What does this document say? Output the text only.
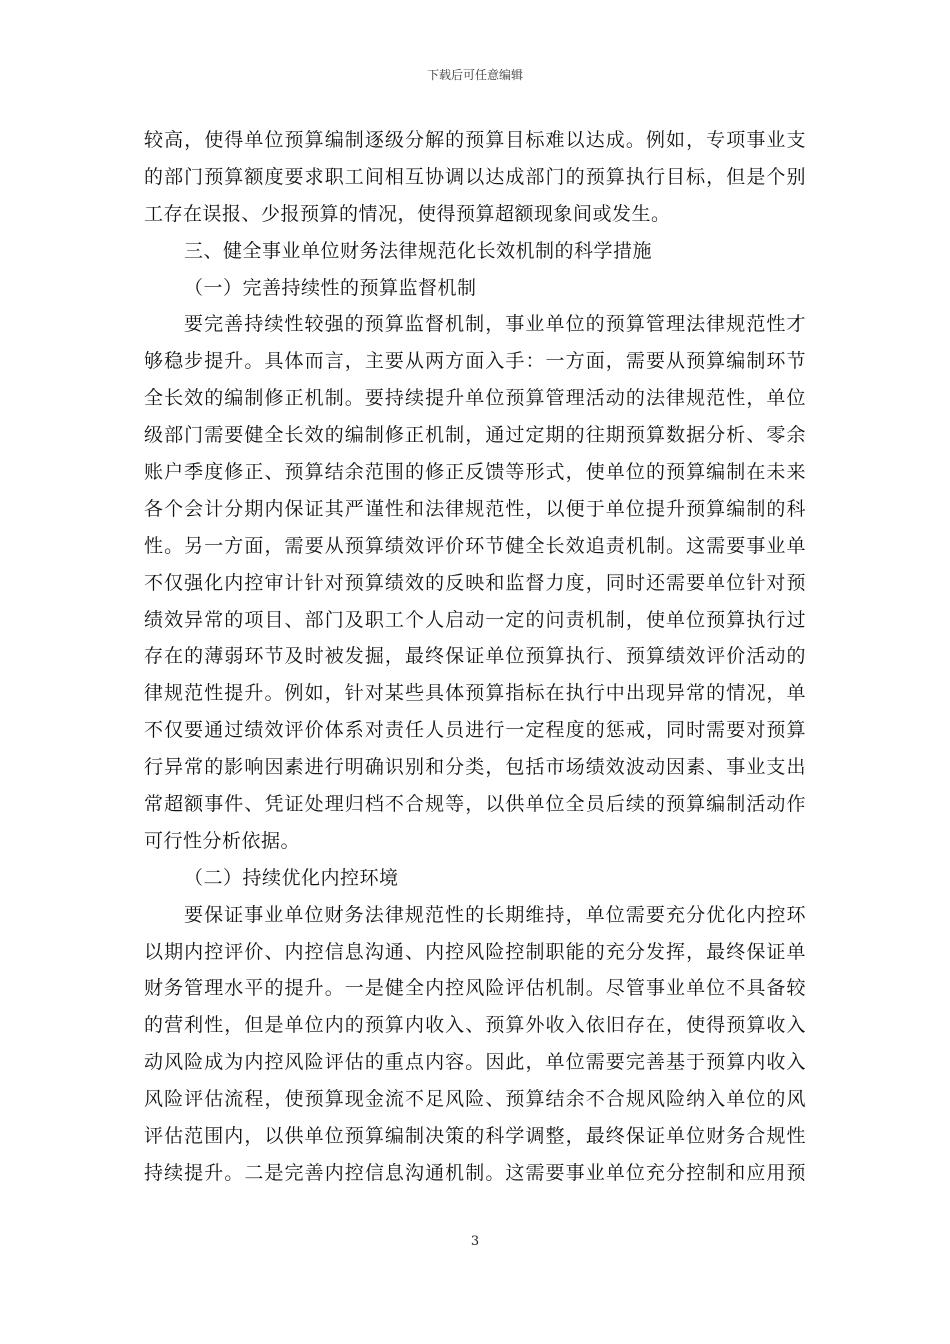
下载后可任意编辑
较高，使得单位预算编制逐级分解的预算目标难以达成。例如，专项事业支
的部门预算额度要求职工间相互协调以达成部门的预算执行目标，但是个别
工存在误报、少报预算的情况，使得预算超额现象间或发生。
三、健全事业单位财务法律规范化长效机制的科学措施
（一）完善持续性的预算监督机制
要完善持续性较强的预算监督机制，事业单位的预算管理法律规范性才
够稳步提升。具体而言，主要从两方面入手：一方面，需要从预算编制环节
全长效的编制修正机制。要持续提升单位预算管理活动的法律规范性，单位
级部门需要健全长效的编制修正机制，通过定期的往期预算数据分析、零余
账户季度修正、预算结余范围的修正反馈等形式，使单位的预算编制在未来
各个会计分期内保证其严谨性和法律规范性，以便于单位提升预算编制的科
性。另一方面，需要从预算绩效评价环节健全长效追责机制。这需要事业单
不仅强化内控审计针对预算绩效的反映和监督力度，同时还需要单位针对预
绩效异常的项目、部门及职工个人启动一定的问责机制，使单位预算执行过
存在的薄弱环节及时被发掘，最终保证单位预算执行、预算绩效评价活动的
律规范性提升。例如，针对某些具体预算指标在执行中出现异常的情况，单
不仅要通过绩效评价体系对责任人员进行一定程度的惩戒，同时需要对预算
行异常的影响因素进行明确识别和分类，包括市场绩效波动因素、事业支出
常超额事件、凭证处理归档不合规等，以供单位全员后续的预算编制活动作
可行性分析依据。
（二）持续优化内控环境
要保证事业单位财务法律规范性的长期维持，单位需要充分优化内控环
以期内控评价、内控信息沟通、内控风险控制职能的充分发挥，最终保证单
财务管理水平的提升。一是健全内控风险评估机制。尽管事业单位不具备较
的营利性，但是单位内的预算内收入、预算外收入依旧存在，使得预算收入
动风险成为内控风险评估的重点内容。因此，单位需要完善基于预算内收入
风险评估流程，使预算现金流不足风险、预算结余不合规风险纳入单位的风
评估范围内，以供单位预算编制决策的科学调整，最终保证单位财务合规性
持续提升。二是完善内控信息沟通机制。这需要事业单位充分控制和应用预
3
